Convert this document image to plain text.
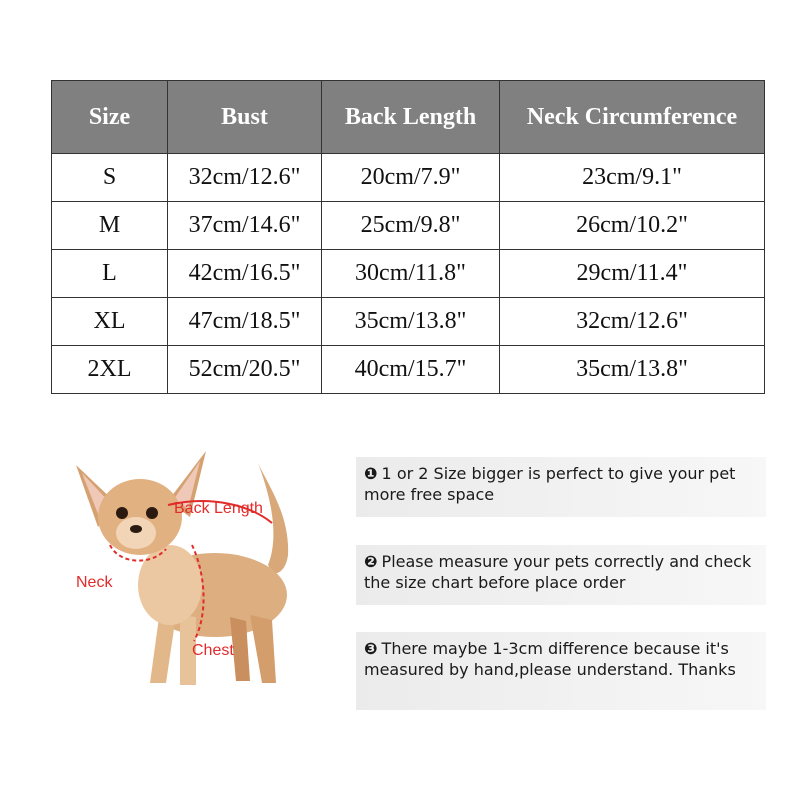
Size	Bust	Back Length	Neck Circumference
S	32cm/12.6"	20cm/7.9"	23cm/9.1"
M	37cm/14.6"	25cm/9.8"	26cm/10.2"
L	42cm/16.5"	30cm/11.8"	29cm/11.4"
XL	47cm/18.5"	35cm/13.8"	32cm/12.6"
2XL	52cm/20.5"	40cm/15.7"	35cm/13.8"
Back Length
Neck
Chest
❶ 1 or 2 Size bigger is perfect to give your pet more free space
❷ Please measure your pets correctly and check the size chart before place order
❸ There maybe 1-3cm difference because it's measured by hand,please understand. Thanks
